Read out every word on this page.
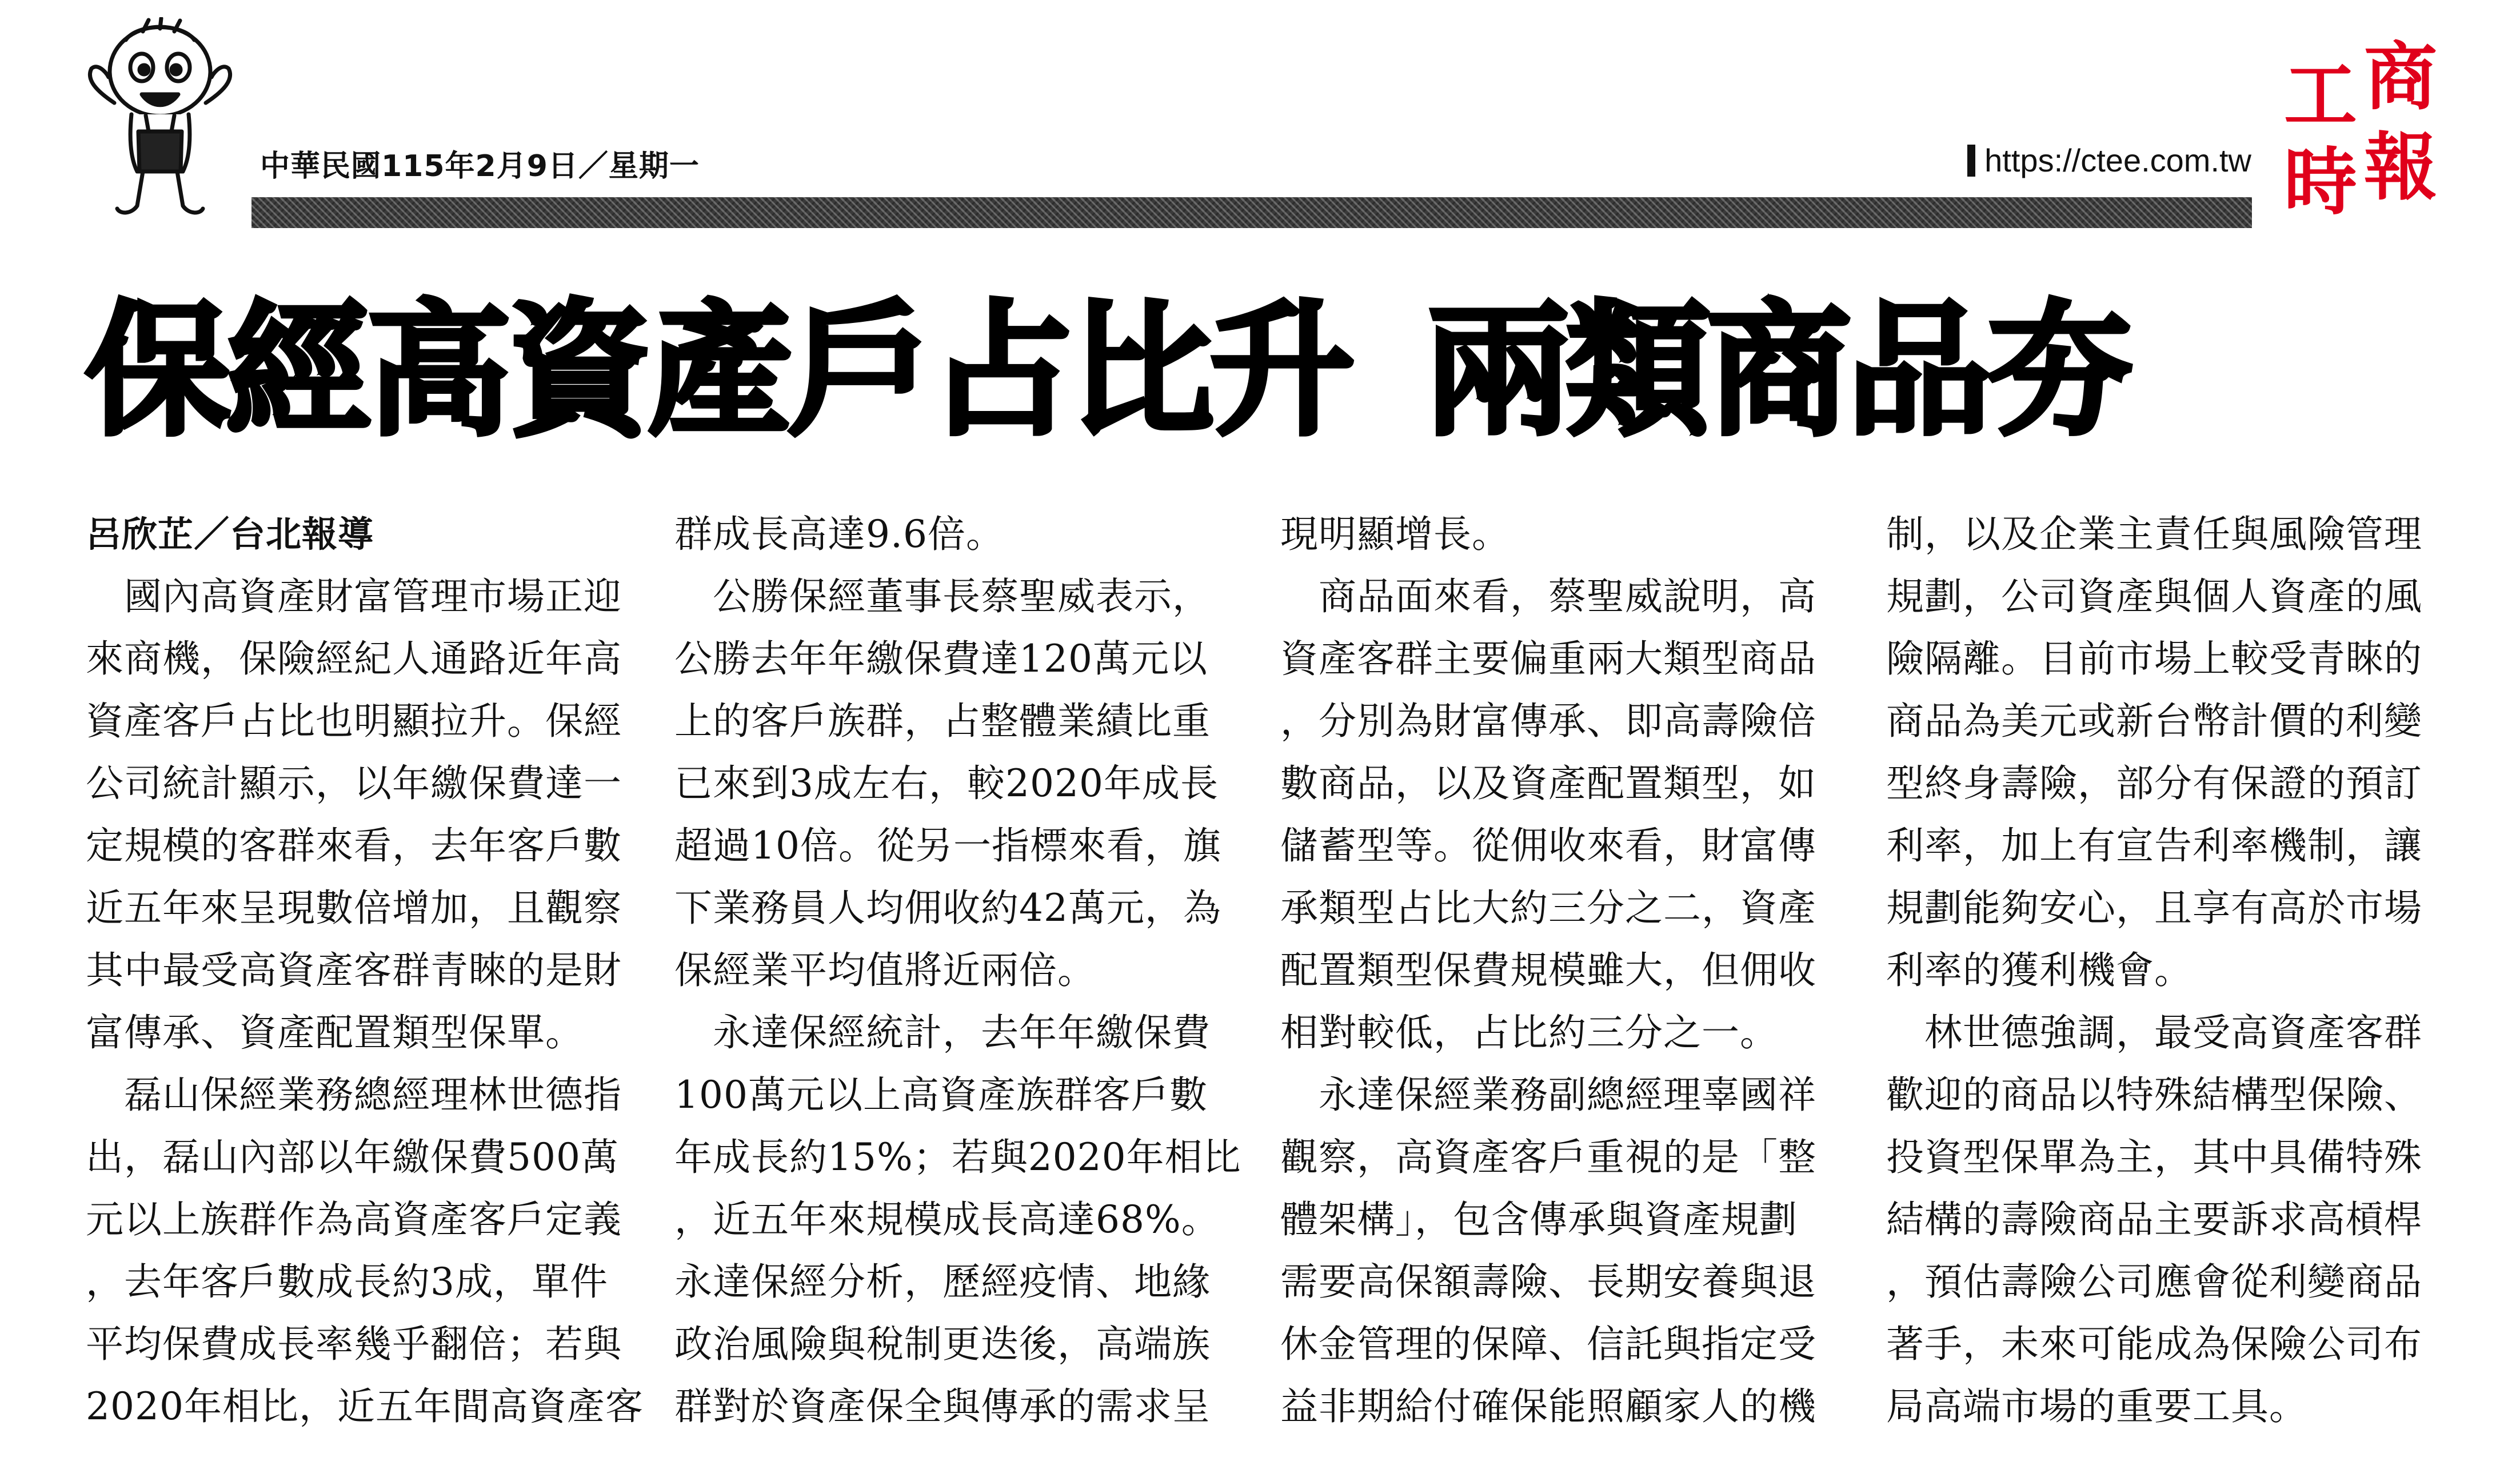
中華民國115年2月9日／星期一	https://ctee.com.tw
工 商
時 報
保經高資產戶占比升 兩類商品夯
呂欣芷／台北報導
　國內高資產財富管理市場正迎
來商機，保險經紀人通路近年高
資產客戶占比也明顯拉升。保經
公司統計顯示，以年繳保費達一
定規模的客群來看，去年客戶數
近五年來呈現數倍增加，且觀察
其中最受高資產客群青睞的是財
富傳承、資產配置類型保單。
　磊山保經業務總經理林世德指
出，磊山內部以年繳保費500萬
元以上族群作為高資產客戶定義
，去年客戶數成長約3成，單件
平均保費成長率幾乎翻倍；若與
2020年相比，近五年間高資產客
群成長高達9.6倍。
　公勝保經董事長蔡聖威表示，
公勝去年年繳保費達120萬元以
上的客戶族群，占整體業績比重
已來到3成左右，較2020年成長
超過10倍。從另一指標來看，旗
下業務員人均佣收約42萬元，為
保經業平均值將近兩倍。
　永達保經統計，去年年繳保費
100萬元以上高資產族群客戶數
年成長約15%；若與2020年相比
，近五年來規模成長高達68%。
永達保經分析，歷經疫情、地緣
政治風險與稅制更迭後，高端族
群對於資產保全與傳承的需求呈
現明顯增長。
　商品面來看，蔡聖威說明，高
資產客群主要偏重兩大類型商品
，分別為財富傳承、即高壽險倍
數商品，以及資產配置類型，如
儲蓄型等。從佣收來看，財富傳
承類型占比大約三分之二，資產
配置類型保費規模雖大，但佣收
相對較低，占比約三分之一。
　永達保經業務副總經理辜國祥
觀察，高資產客戶重視的是「整
體架構」，包含傳承與資產規劃
需要高保額壽險、長期安養與退
休金管理的保障、信託與指定受
益非期給付確保能照顧家人的機
制，以及企業主責任與風險管理
規劃，公司資產與個人資產的風
險隔離。目前市場上較受青睞的
商品為美元或新台幣計價的利變
型終身壽險，部分有保證的預訂
利率，加上有宣告利率機制，讓
規劃能夠安心，且享有高於市場
利率的獲利機會。
　林世德強調，最受高資產客群
歡迎的商品以特殊結構型保險、
投資型保單為主，其中具備特殊
結構的壽險商品主要訴求高槓桿
，預估壽險公司應會從利變商品
著手，未來可能成為保險公司布
局高端市場的重要工具。
